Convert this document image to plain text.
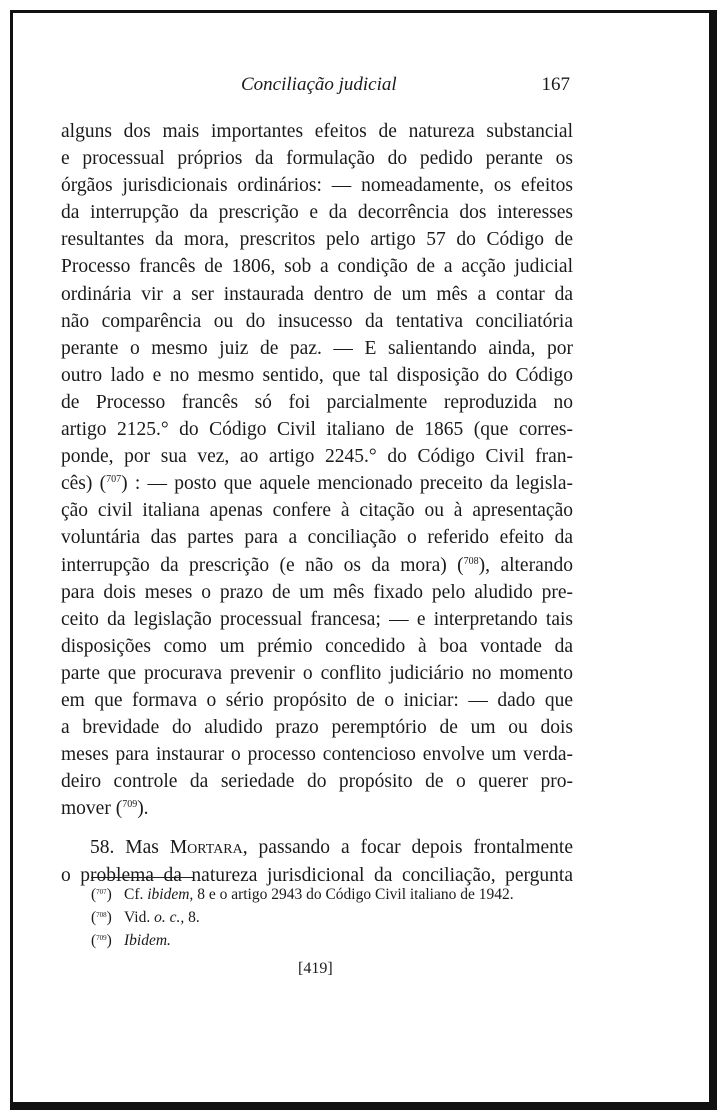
Conciliação judicial	167
alguns dos mais importantes efeitos de natureza substancial
e processual próprios da formulação do pedido perante os
órgãos jurisdicionais ordinários: — nomeadamente, os efeitos
da interrupção da prescrição e da decorrência dos interesses
resultantes da mora, prescritos pelo artigo 57 do Código de
Processo francês de 1806, sob a condição de a acção judicial
ordinária vir a ser instaurada dentro de um mês a contar da
não comparência ou do insucesso da tentativa conciliatória
perante o mesmo juiz de paz. — E salientando ainda, por
outro lado e no mesmo sentido, que tal disposição do Código
de Processo francês só foi parcialmente reproduzida no
artigo 2125.° do Código Civil italiano de 1865 (que corres-
ponde, por sua vez, ao artigo 2245.° do Código Civil fran-
cês) ($^{707}$) : — posto que aquele mencionado preceito da legisla-
ção civil italiana apenas confere à citação ou à apresentação
voluntária das partes para a conciliação o referido efeito da
interrupção da prescrição (e não os da mora) ($^{708}$), alterando
para dois meses o prazo de um mês fixado pelo aludido pre-
ceito da legislação processual francesa; — e interpretando tais
disposições como um prémio concedido à boa vontade da
parte que procurava prevenir o conflito judiciário no momento
em que formava o sério propósito de o iniciar: — dado que
a brevidade do aludido prazo peremptório de um ou dois
meses para instaurar o processo contencioso envolve um verda-
deiro controle da seriedade do propósito de o querer pro-
mover ($^{709}$).
58. Mas Mortara, passando a focar depois frontalmente
o problema da natureza jurisdicional da conciliação, pergunta
($^{707}$) Cf. ibidem, 8 e o artigo 2943 do Código Civil italiano de 1942.
($^{708}$) Vid. o. c., 8.
($^{709}$) Ibidem.
[419]
